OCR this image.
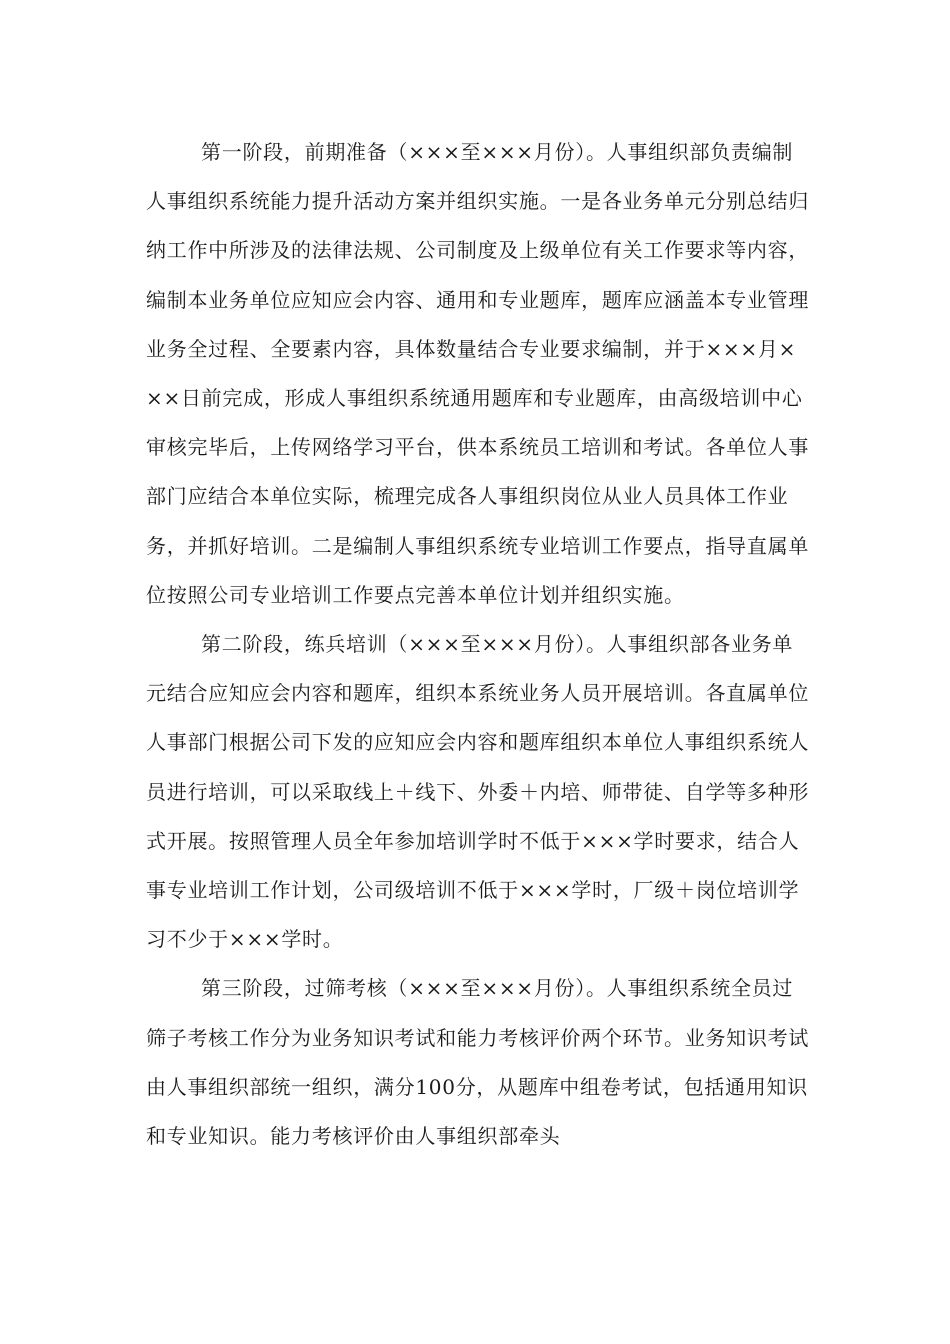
第一阶段，前期准备（×××至×××月份）。人事组织部负责编制人事组织系统能力提升活动方案并组织实施。一是各业务单元分别总结归纳工作中所涉及的法律法规、公司制度及上级单位有关工作要求等内容，编制本业务单位应知应会内容、通用和专业题库，题库应涵盖本专业管理业务全过程、全要素内容，具体数量结合专业要求编制，并于×××月×××日前完成，形成人事组织系统通用题库和专业题库，由高级培训中心审核完毕后，上传网络学习平台，供本系统员工培训和考试。各单位人事部门应结合本单位实际，梳理完成各人事组织岗位从业人员具体工作业务，并抓好培训。二是编制人事组织系统专业培训工作要点，指导直属单位按照公司专业培训工作要点完善本单位计划并组织实施。

第二阶段，练兵培训（×××至×××月份）。人事组织部各业务单元结合应知应会内容和题库，组织本系统业务人员开展培训。各直属单位人事部门根据公司下发的应知应会内容和题库组织本单位人事组织系统人员进行培训，可以采取线上＋线下、外委＋内培、师带徒、自学等多种形式开展。按照管理人员全年参加培训学时不低于×××学时要求，结合人事专业培训工作计划，公司级培训不低于×××学时，厂级＋岗位培训学习不少于×××学时。

第三阶段，过筛考核（×××至×××月份）。人事组织系统全员过筛子考核工作分为业务知识考试和能力考核评价两个环节。业务知识考试由人事组织部统一组织，满分100分，从题库中组卷考试，包括通用知识和专业知识。能力考核评价由人事组织部牵头
